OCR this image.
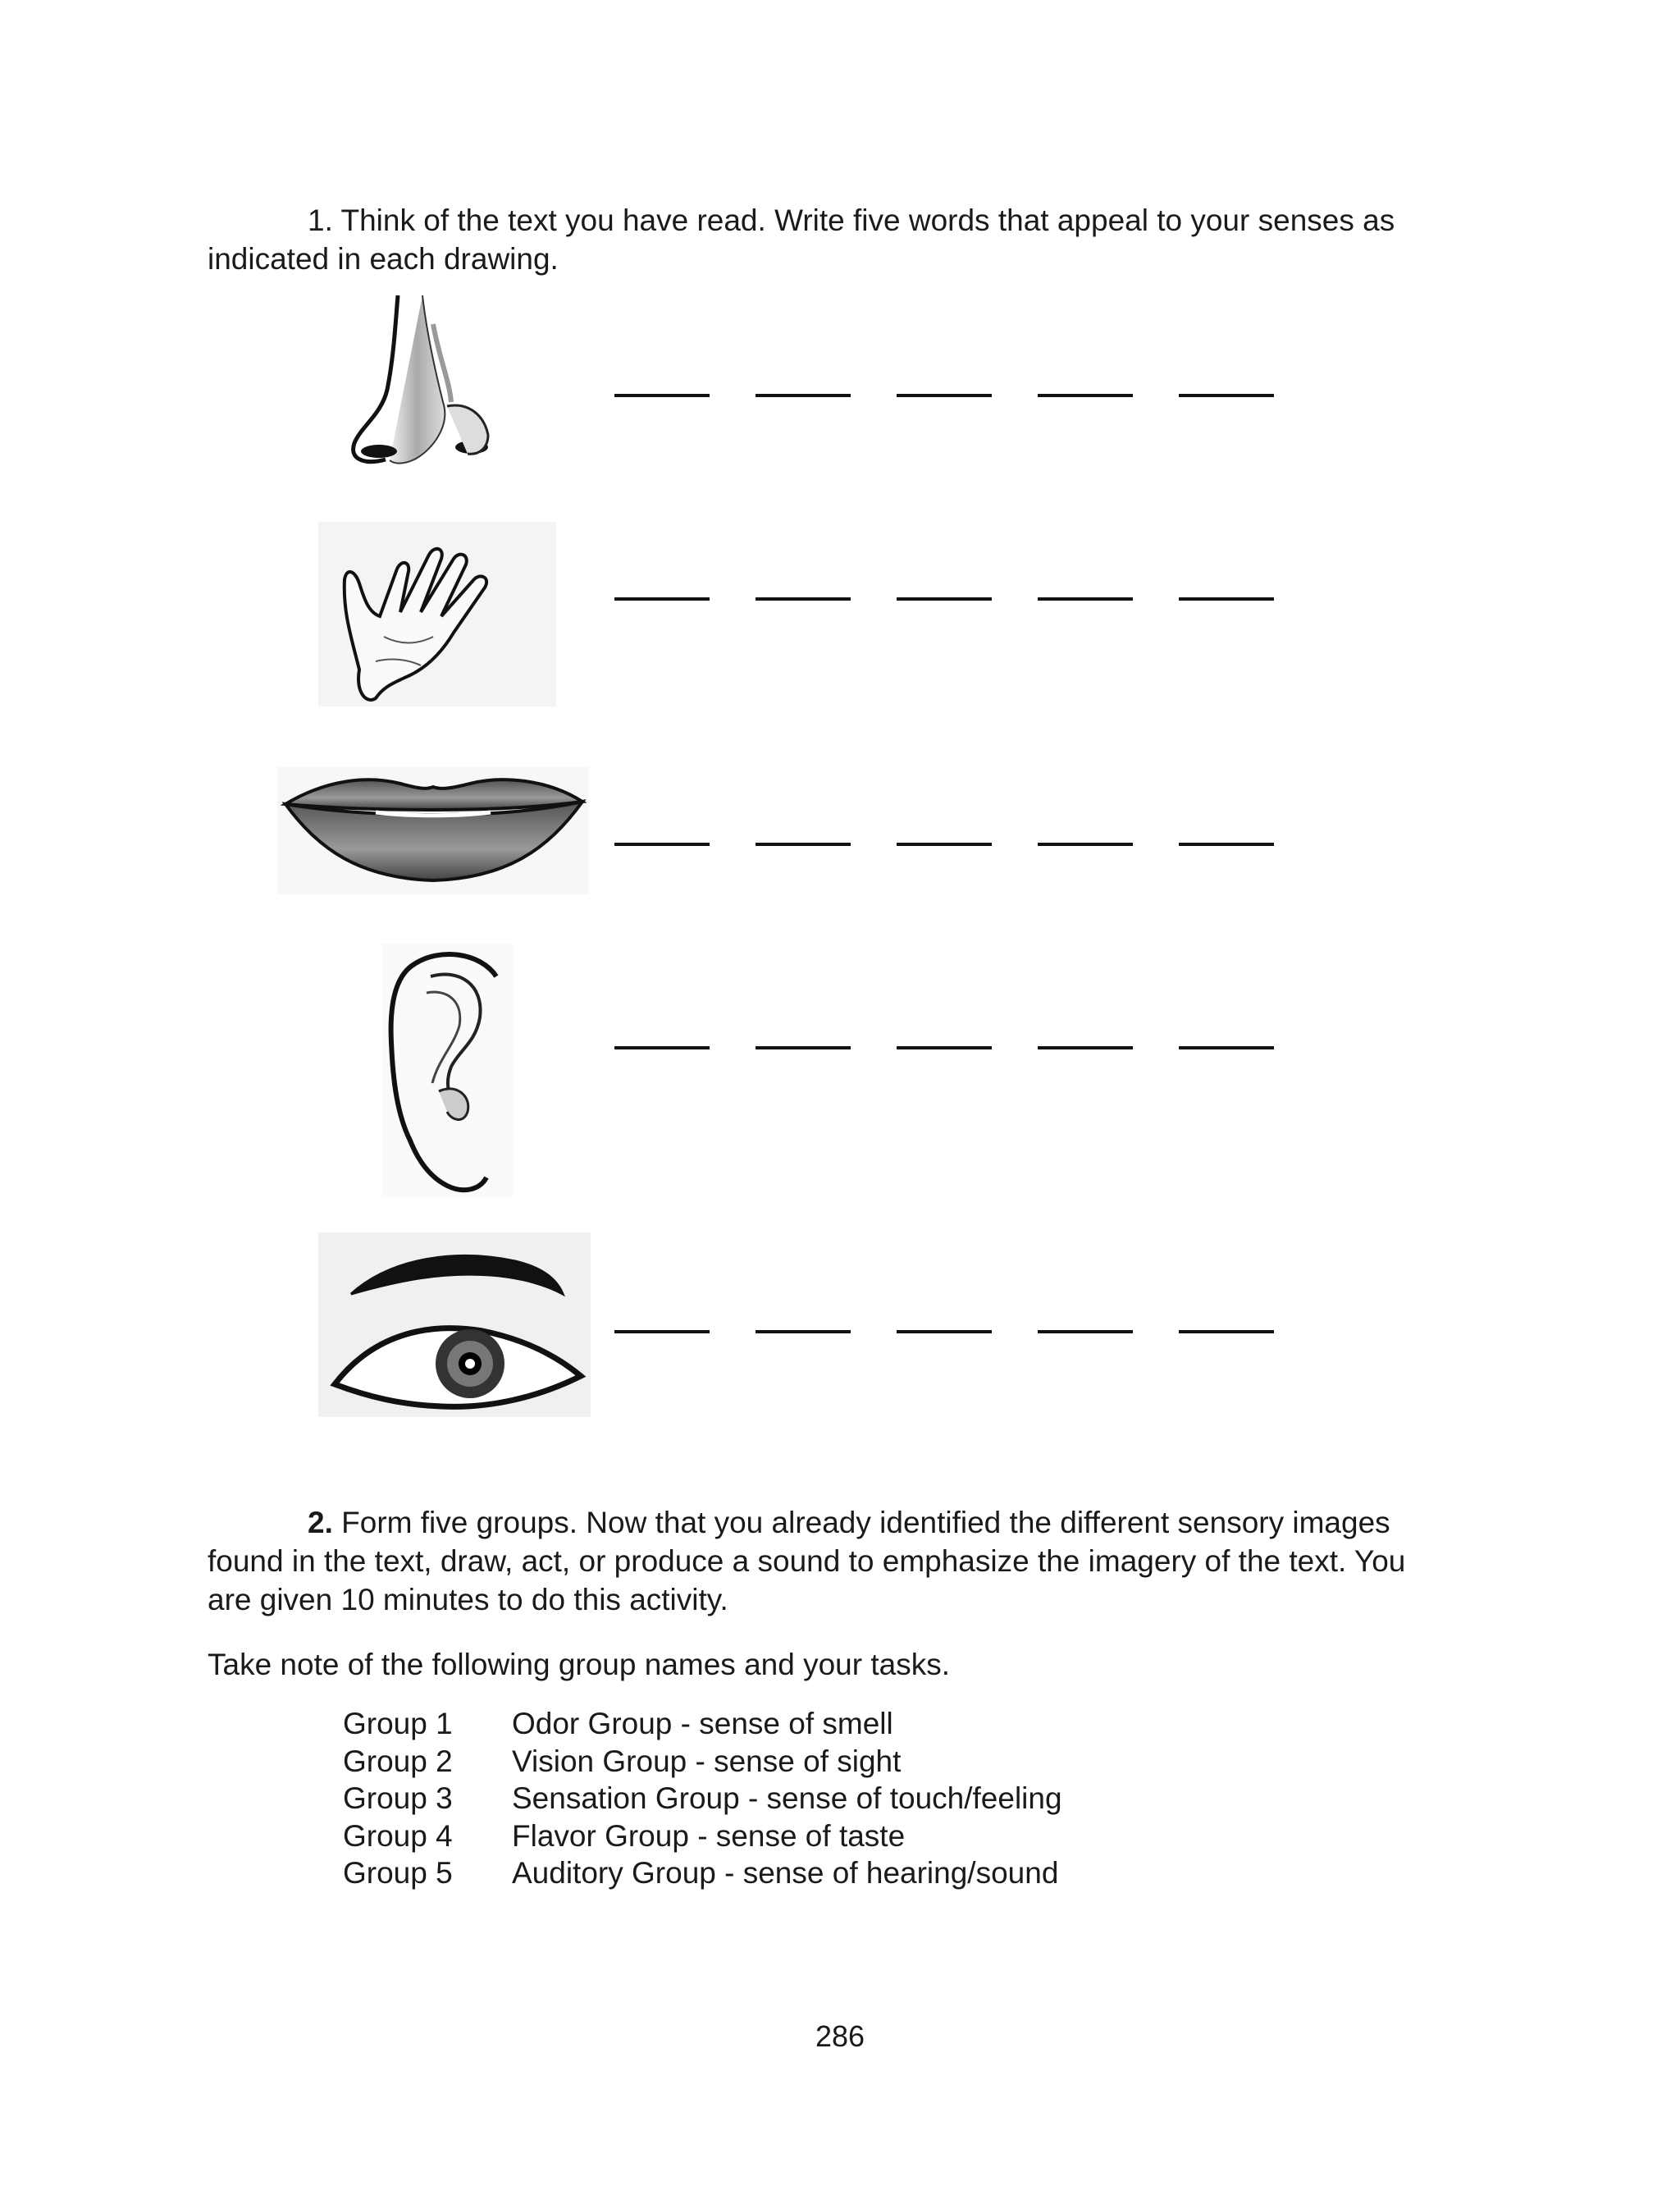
1. Think of the text you have read. Write five words that appeal to your senses as indicated in each drawing.
2. Form five groups. Now that you already identified the different sensory images found in the text, draw, act, or produce a sound to emphasize the imagery of the text. You are given 10 minutes to do this activity.
Take note of the following group names and your tasks.
Group 1 Odor Group - sense of smell
Group 2 Vision Group - sense of sight
Group 3 Sensation Group - sense of touch/feeling
Group 4 Flavor Group - sense of taste
Group 5 Auditory Group - sense of hearing/sound
286
